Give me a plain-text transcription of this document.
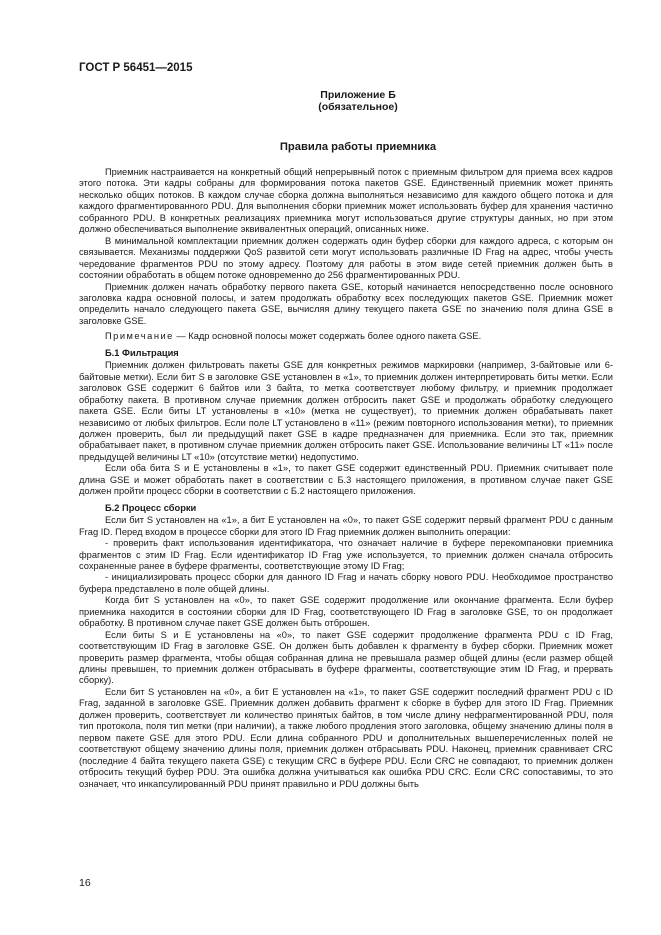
ГОСТ Р 56451—2015
Приложение Б
(обязательное)
Правила работы приемника

Приемник настраивается на конкретный общий непрерывный поток с приемным фильтром для приема всех кадров этого потока. Эти кадры собраны для формирования потока пакетов GSE. Единственный приемник может принять несколько общих потоков. В каждом случае сборка должна выполняться независимо для каждого общего потока и для каждого фрагментированного PDU. Для выполнения сборки приемник может использовать буфер для хранения частично собранного PDU. В конкретных реализациях приемника могут использоваться другие структуры данных, но при этом должно обеспечиваться выполнение эквивалентных операций, описанных ниже.

В минимальной комплектации приемник должен содержать один буфер сборки для каждого адреса, с которым он связывается. Механизмы поддержки QoS развитой сети могут использовать различные ID Frag на адрес, чтобы учесть чередование фрагментов PDU по этому адресу. Поэтому для работы в этом виде сетей приемник должен быть в состоянии обработать в общем потоке одновременно до 256 фрагментированных PDU.

Приемник должен начать обработку первого пакета GSE, который начинается непосредственно после основного заголовка кадра основной полосы, и затем продолжать обработку всех последующих пакетов GSE. Приемник может определить начало следующего пакета GSE, вычисляя длину текущего пакета GSE по значению поля длина GSE в заголовке GSE.

Примечание — Кадр основной полосы может содержать более одного пакета GSE.

Б.1 Фильтрация

Приемник должен фильтровать пакеты GSE для конкретных режимов маркировки (например, 3-байтовые или 6-байтовые метки). Если бит S в заголовке GSE установлен в «1», то приемник должен интерпретировать биты метки. Если заголовок GSE содержит 6 байтов или 3 байта, то метка соответствует любому фильтру, и приемник продолжает обработку пакета. В противном случае приемник должен отбросить пакет GSE и продолжать обработку следующего пакета GSE. Если биты LT установлены в «10» (метка не существует), то приемник должен обрабатывать пакет независимо от любых фильтров. Если поле LT установлено в «11» (режим повторного использования метки), то приемник должен проверить, был ли предыдущий пакет GSE в кадре предназначен для приемника. Если это так, приемник обрабатывает пакет, в противном случае приемник должен отбросить пакет GSE. Использование величины LT «11» после предыдущей величины LT «10» (отсутствие метки) недопустимо.

Если оба бита S и E установлены в «1», то пакет GSE содержит единственный PDU. Приемник считывает поле длина GSE и может обработать пакет в соответствии с Б.3 настоящего приложения, в противном случае пакет GSE должен пройти процесс сборки в соответствии с Б.2 настоящего приложения.

Б.2 Процесс сборки

Если бит S установлен на «1», а бит E установлен на «0», то пакет GSE содержит первый фрагмент PDU с данным Frag ID. Перед входом в процессе сборки для этого ID Frag приемник должен выполнить операции:

- проверить факт использования идентификатора, что означает наличие в буфере перекомпановки приемника фрагментов с этим ID Frag. Если идентификатор ID Frag уже используется, то приемник должен сначала отбросить сохраненные ранее в буфере фрагменты, соответствующие этому ID Frag;

- инициализировать процесс сборки для данного ID Frag и начать сборку нового PDU. Необходимое пространство буфера представлено в поле общей длины.

Когда бит S установлен на «0», то пакет GSE содержит продолжение или окончание фрагмента. Если буфер приемника находится в состоянии сборки для ID Frag, соответствующего ID Frag в заголовке GSE, то он продолжает обработку. В противном случае пакет GSE должен быть отброшен.

Если биты S и E установлены на «0», то пакет GSE содержит продолжение фрагмента PDU с ID Frag, соответствующим ID Frag в заголовке GSE. Он должен быть добавлен к фрагменту в буфер сборки. Приемник может проверить размер фрагмента, чтобы общая собранная длина не превышала размер общей длины (если размер общей длины превышен, то приемник должен отбрасывать в буфере фрагменты, соответствующие этим ID Frag, и прервать сборку).

Если бит S установлен на «0», а бит E установлен на «1», то пакет GSE содержит последний фрагмент PDU с ID Frag, заданной в заголовке GSE. Приемник должен добавить фрагмент к сборке в буфер для этого ID Frag. Приемник должен проверить, соответствует ли количество принятых байтов, в том числе длину нефрагментированной PDU, поля тип протокола, поля тип метки (при наличии), а также любого продления этого заголовка, общему значению длины поля в первом пакете GSE для этого PDU. Если длина собранного PDU и дополнительных вышеперечисленных полей не соответствуют общему значению длины поля, приемник должен отбрасывать PDU. Наконец, приемник сравнивает CRC (последние 4 байта текущего пакета GSE) с текущим CRC в буфере PDU. Если CRC не совпадают, то приемник должен отбросить текущий буфер PDU. Эта ошибка должна учитываться как ошибка PDU CRC. Если CRC сопоставимы, то это означает, что инкапсулированный PDU принят правильно и PDU должны быть

16
